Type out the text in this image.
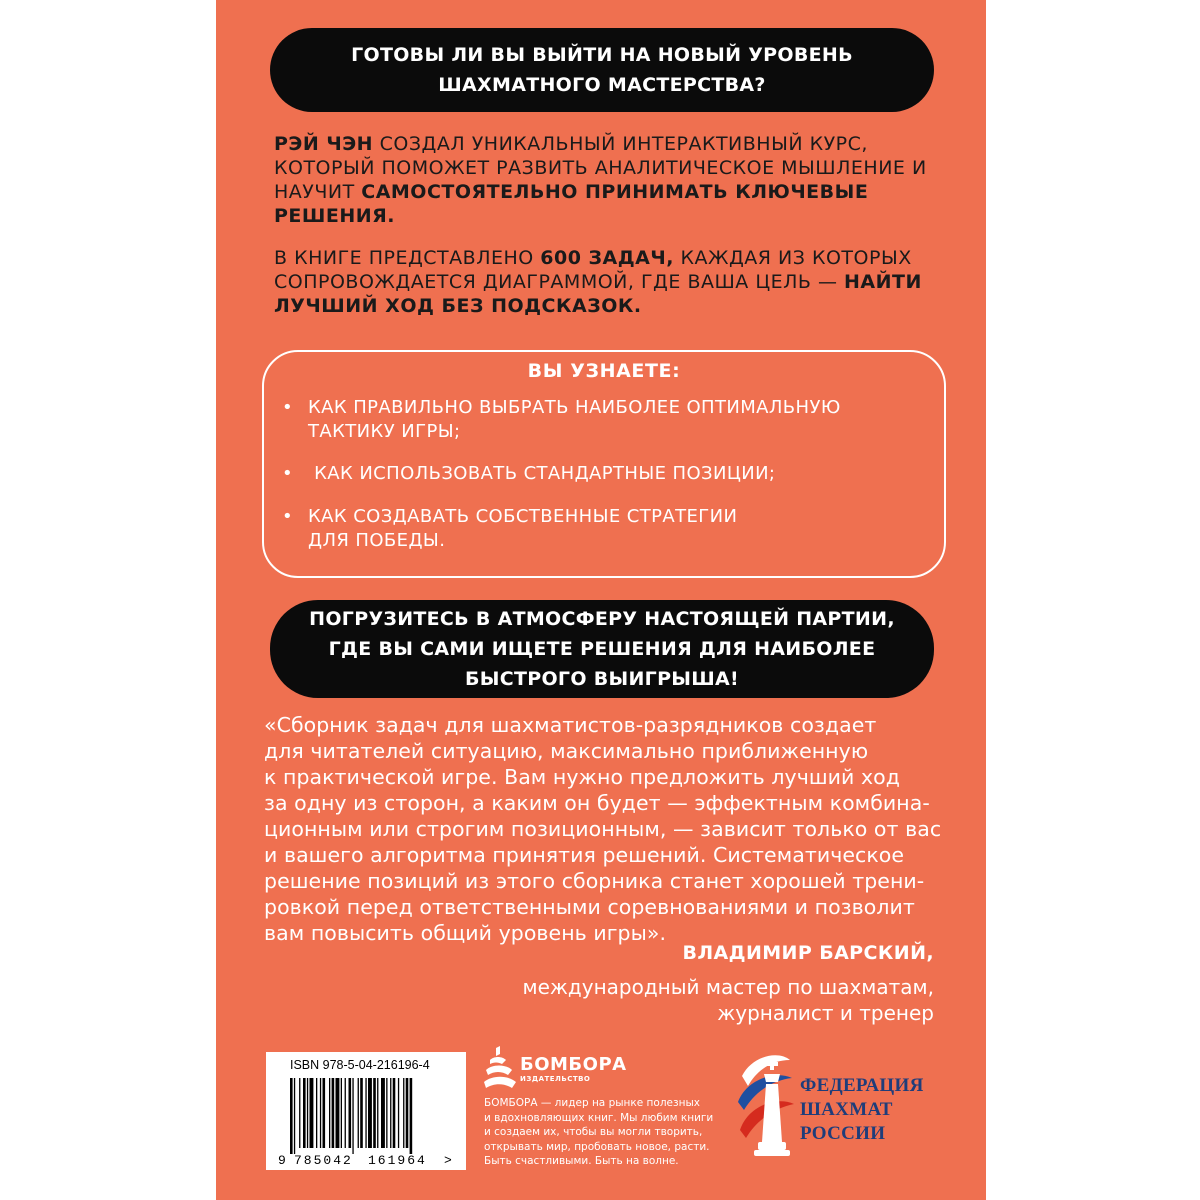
ГОТОВЫ ЛИ ВЫ ВЫЙТИ НА НОВЫЙ УРОВЕНЬ
ШАХМАТНОГО МАСТЕРСТВА?
РЭЙ ЧЭН СОЗДАЛ УНИКАЛЬНЫЙ ИНТЕРАКТИВНЫЙ КУРС, КОТОРЫЙ ПОМОЖЕТ РАЗВИТЬ АНАЛИТИЧЕСКОЕ МЫШЛЕНИЕ И НАУЧИТ САМОСТОЯТЕЛЬНО ПРИНИМАТЬ КЛЮЧЕВЫЕ РЕШЕНИЯ.
В КНИГЕ ПРЕДСТАВЛЕНО 600 ЗАДАЧ, КАЖДАЯ ИЗ КОТОРЫХ СОПРОВОЖДАЕТСЯ ДИАГРАММОЙ, ГДЕ ВАША ЦЕЛЬ — НАЙТИ ЛУЧШИЙ ХОД БЕЗ ПОДСКАЗОК.
ВЫ УЗНАЕТЕ:
• КАК ПРАВИЛЬНО ВЫБРАТЬ НАИБОЛЕЕ ОПТИМАЛЬНУЮ ТАКТИКУ ИГРЫ;
• КАК ИСПОЛЬЗОВАТЬ СТАНДАРТНЫЕ ПОЗИЦИИ;
• КАК СОЗДАВАТЬ СОБСТВЕННЫЕ СТРАТЕГИИ ДЛЯ ПОБЕДЫ.
ПОГРУЗИТЕСЬ В АТМОСФЕРУ НАСТОЯЩЕЙ ПАРТИИ,
ГДЕ ВЫ САМИ ИЩЕТЕ РЕШЕНИЯ ДЛЯ НАИБОЛЕЕ
БЫСТРОГО ВЫИГРЫША!
«Сборник задач для шахматистов-разрядников создает
для читателей ситуацию, максимально приближенную
к практической игре. Вам нужно предложить лучший ход
за одну из сторон, а каким он будет — эффектным комбина-
ционным или строгим позиционным, — зависит только от вас
и вашего алгоритма принятия решений. Систематическое
решение позиций из этого сборника станет хорошей трени-
ровкой перед ответственными соревнованиями и позволит
вам повысить общий уровень игры».
ВЛАДИМИР БАРСКИЙ,
международный мастер по шахматам,
журналист и тренер
ISBN 978-5-04-216196-4
9 785042 161964 >
БОМБОРА
ИЗДАТЕЛЬСТВО
БОМБОРА — лидер на рынке полезных
и вдохновляющих книг. Мы любим книги
и создаем их, чтобы вы могли творить,
открывать мир, пробовать новое, расти.
Быть счастливыми. Быть на волне.
ФЕДЕРАЦИЯ
ШАХМАТ
РОССИИ
